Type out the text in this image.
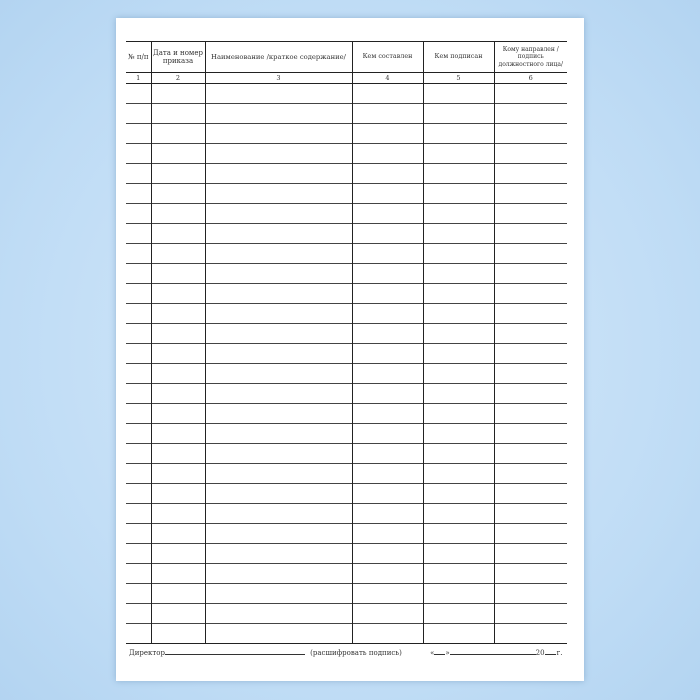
№ п/п	Дата и номер приказа	Наименование /краткое содержание/	Кем составлен	Кем подписан	Кому направлен / подпись должностного лица/
1	2	3	4	5	6

Директор	(расшифровать подпись)	« »	20 г.
